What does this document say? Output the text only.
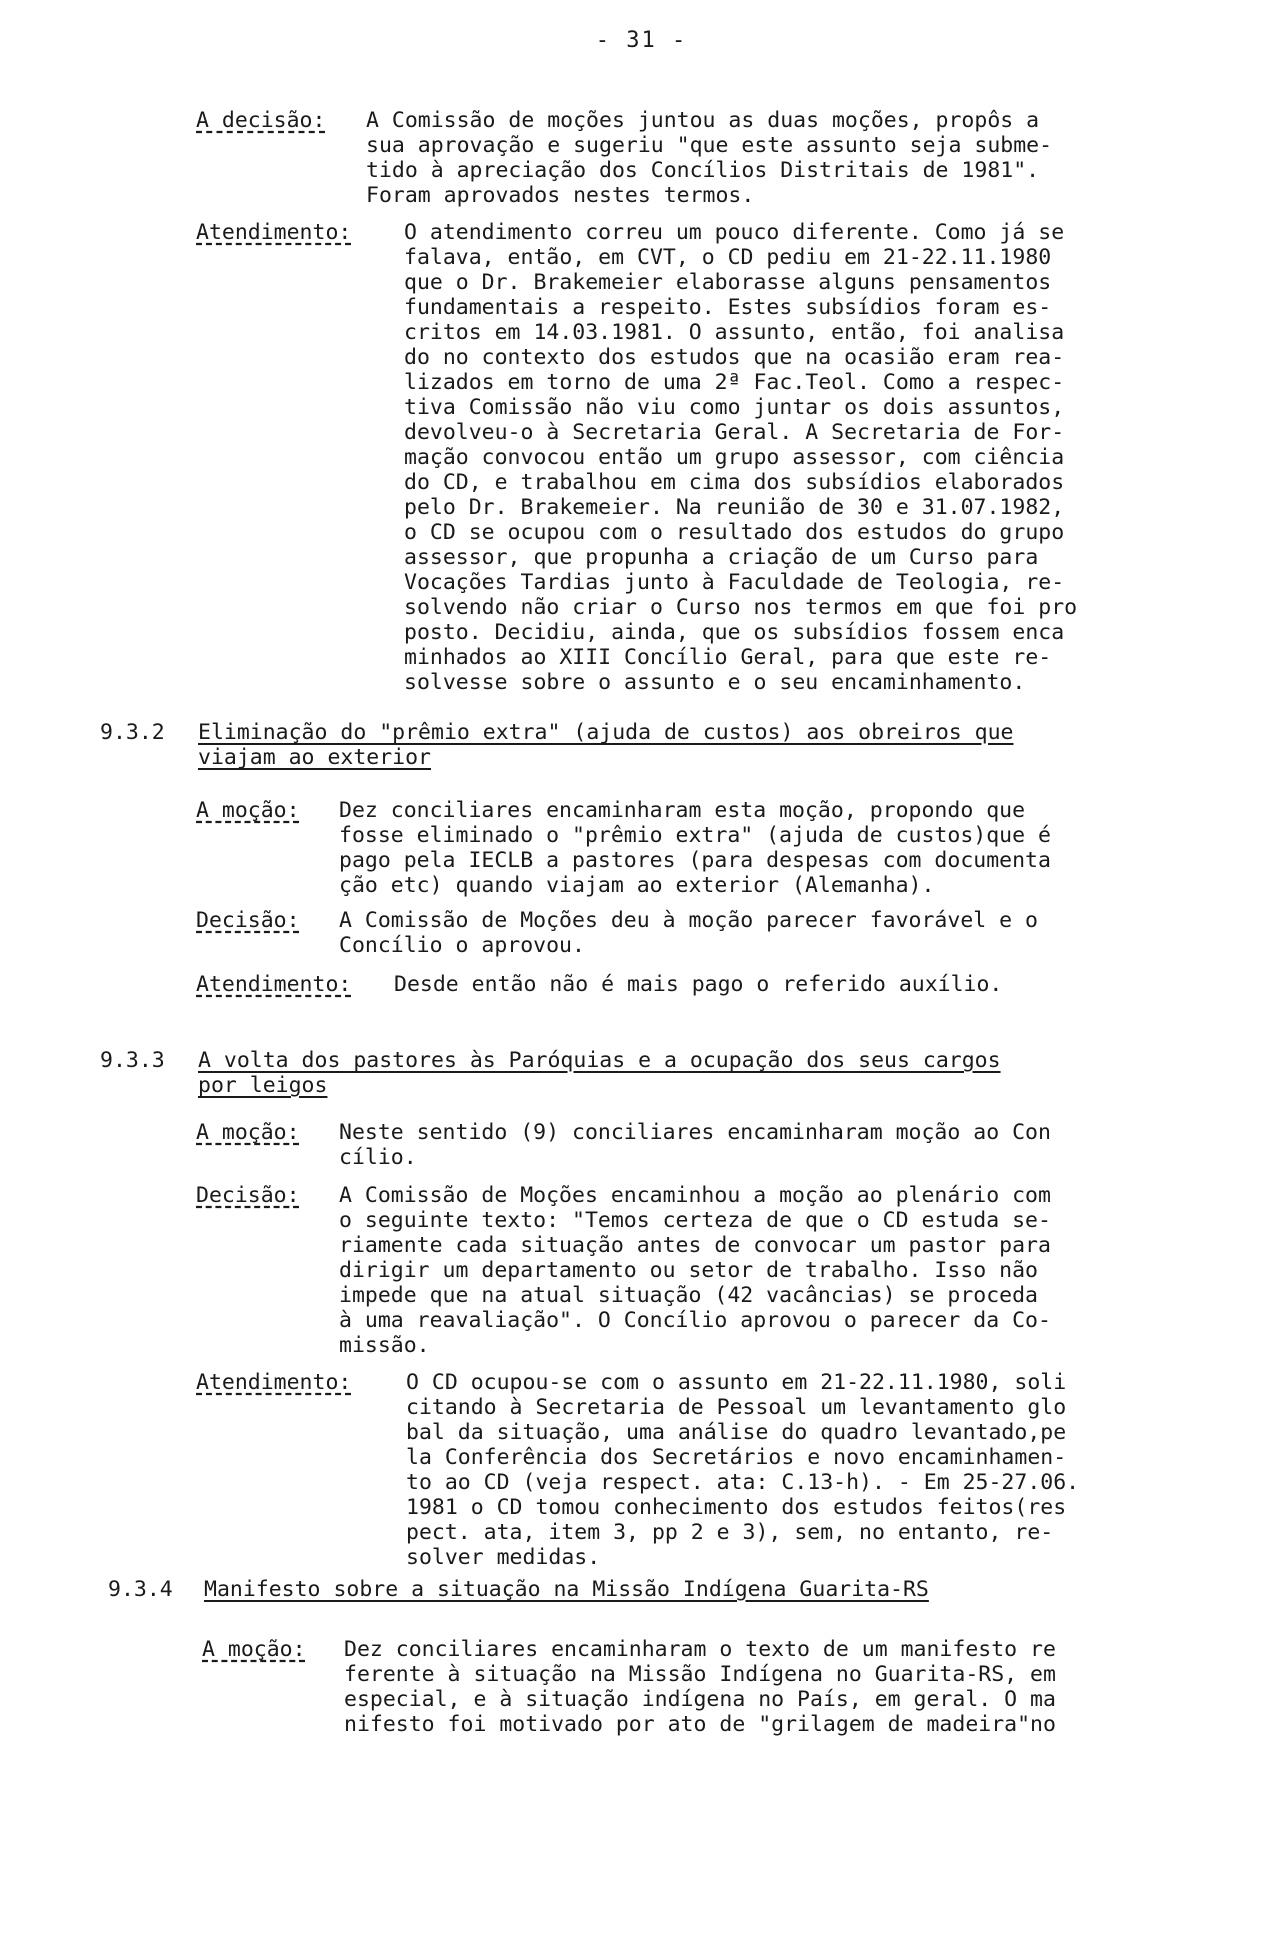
- 31 -
A decisão: A Comissão de moções juntou as duas moções, propôs a
sua aprovação e sugeriu "que este assunto seja subme-
tido à apreciação dos Concílios Distritais de 1981".
Foram aprovados nestes termos.
Atendimento: O atendimento correu um pouco diferente. Como já se
falava, então, em CVT, o CD pediu em 21-22.11.1980
que o Dr. Brakemeier elaborasse alguns pensamentos
fundamentais a respeito. Estes subsídios foram es-
critos em 14.03.1981. O assunto, então, foi analisa
do no contexto dos estudos que na ocasião eram rea-
lizados em torno de uma 2ª Fac.Teol. Como a respec-
tiva Comissão não viu como juntar os dois assuntos,
devolveu-o à Secretaria Geral. A Secretaria de For-
mação convocou então um grupo assessor, com ciência
do CD, e trabalhou em cima dos subsídios elaborados
pelo Dr. Brakemeier. Na reunião de 30 e 31.07.1982,
o CD se ocupou com o resultado dos estudos do grupo
assessor, que propunha a criação de um Curso para
Vocações Tardias junto à Faculdade de Teologia, re-
solvendo não criar o Curso nos termos em que foi pro
posto. Decidiu, ainda, que os subsídios fossem enca
minhados ao XIII Concílio Geral, para que este re-
solvesse sobre o assunto e o seu encaminhamento.
9.3.2 Eliminação do "prêmio extra" (ajuda de custos) aos obreiros que
viajam ao exterior
A moção: Dez conciliares encaminharam esta moção, propondo que
fosse eliminado o "prêmio extra" (ajuda de custos)que é
pago pela IECLB a pastores (para despesas com documenta
ção etc) quando viajam ao exterior (Alemanha).
Decisão: A Comissão de Moções deu à moção parecer favorável e o
Concílio o aprovou.
Atendimento: Desde então não é mais pago o referido auxílio.
9.3.3 A volta dos pastores às Paróquias e a ocupação dos seus cargos
por leigos
A moção: Neste sentido (9) conciliares encaminharam moção ao Con
cílio.
Decisão: A Comissão de Moções encaminhou a moção ao plenário com
o seguinte texto: "Temos certeza de que o CD estuda se-
riamente cada situação antes de convocar um pastor para
dirigir um departamento ou setor de trabalho. Isso não
impede que na atual situação (42 vacâncias) se proceda
à uma reavaliação". O Concílio aprovou o parecer da Co-
missão.
Atendimento:	O CD ocupou-se com o assunto em 21-22.11.1980, soli
citando à Secretaria de Pessoal um levantamento glo
bal da situação, uma análise do quadro levantado,pe
la Conferência dos Secretários e novo encaminhamen-
to ao CD (veja respect. ata: C.13-h). - Em 25-27.06.
1981 o CD tomou conhecimento dos estudos feitos(res
pect. ata, item 3, pp 2 e 3), sem, no entanto, re-
solver medidas.
9.3.4 Manifesto sobre a situação na Missão Indígena Guarita-RS
A moção: Dez conciliares encaminharam o texto de um manifesto re
ferente à situação na Missão Indígena no Guarita-RS, em
especial, e à situação indígena no País, em geral. O ma
nifesto foi motivado por ato de "grilagem de madeira"no
